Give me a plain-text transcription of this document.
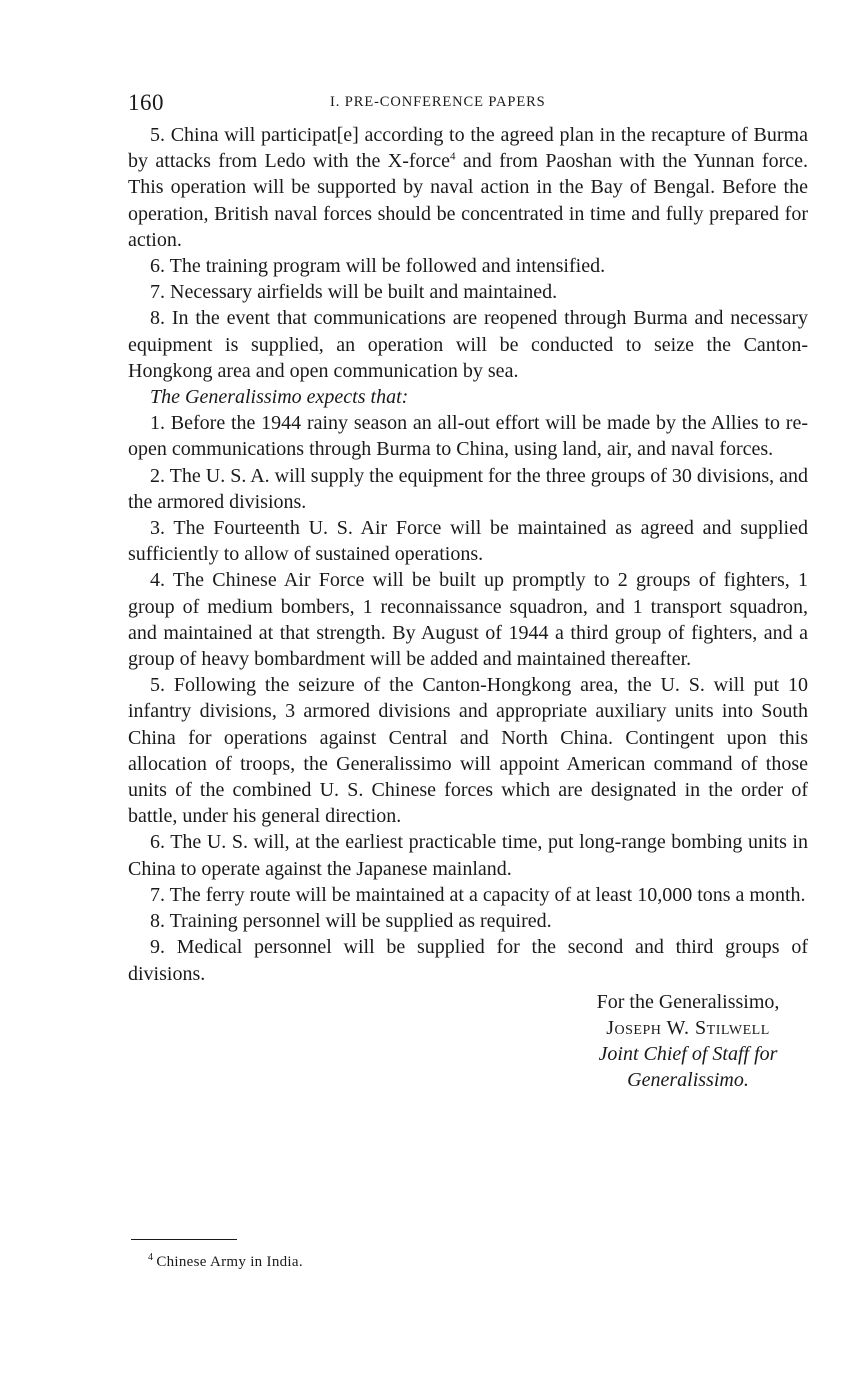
160	I. PRE-CONFERENCE PAPERS

5. China will participat[e] according to the agreed plan in the recapture of Burma by attacks from Ledo with the X-force$^4$ and from Paoshan with the Yunnan force. This operation will be supported by naval action in the Bay of Bengal. Before the operation, British naval forces should be concentrated in time and fully prepared for action.

6. The training program will be followed and intensified.

7. Necessary airfields will be built and maintained.

8. In the event that communications are reopened through Burma and necessary equipment is supplied, an operation will be conducted to seize the Canton-Hongkong area and open communication by sea.

The Generalissimo expects that:

1. Before the 1944 rainy season an all-out effort will be made by the Allies to re-open communications through Burma to China, using land, air, and naval forces.

2. The U. S. A. will supply the equipment for the three groups of 30 divisions, and the armored divisions.

3. The Fourteenth U. S. Air Force will be maintained as agreed and supplied sufficiently to allow of sustained operations.

4. The Chinese Air Force will be built up promptly to 2 groups of fighters, 1 group of medium bombers, 1 reconnaissance squadron, and 1 transport squadron, and maintained at that strength. By August of 1944 a third group of fighters, and a group of heavy bombardment will be added and maintained thereafter.

5. Following the seizure of the Canton-Hongkong area, the U. S. will put 10 infantry divisions, 3 armored divisions and appropriate auxiliary units into South China for operations against Central and North China. Contingent upon this allocation of troops, the Generalissimo will appoint American command of those units of the combined U. S. Chinese forces which are designated in the order of battle, under his general direction.

6. The U. S. will, at the earliest practicable time, put long-range bombing units in China to operate against the Japanese mainland.

7. The ferry route will be maintained at a capacity of at least 10,000 tons a month.

8. Training personnel will be supplied as required.

9. Medical personnel will be supplied for the second and third groups of divisions.

For the Generalissimo,
Joseph W. Stilwell
Joint Chief of Staff for
Generalissimo.
$^4$ Chinese Army in India.
